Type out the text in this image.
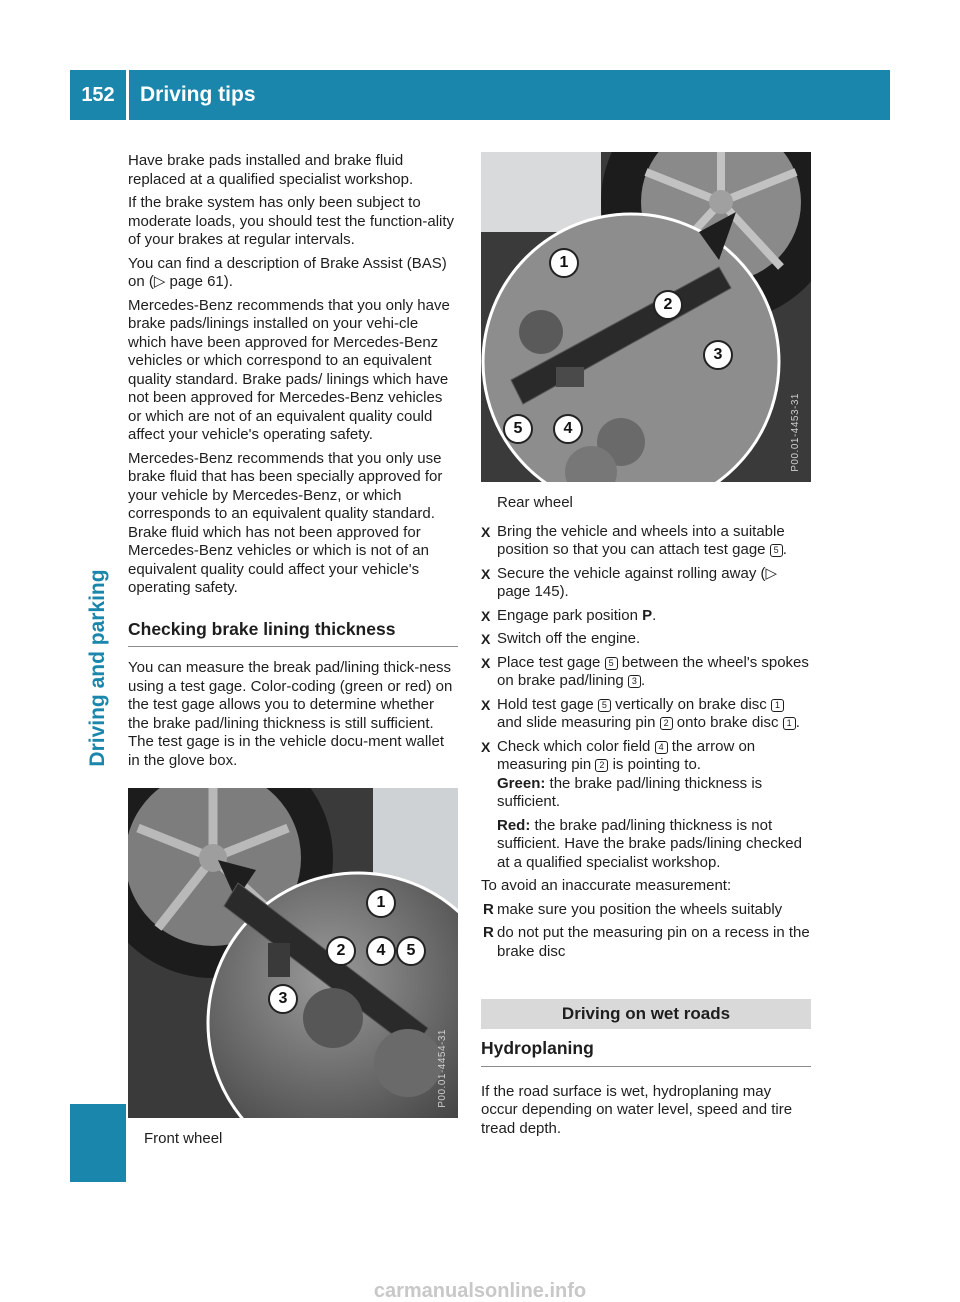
152	Driving tips
Driving and parking

Have brake pads installed and brake fluid replaced at a qualified specialist workshop.

If the brake system has only been subject to moderate loads, you should test the function-ality of your brakes at regular intervals.

You can find a description of Brake Assist (BAS) on (▷ page 61).

Mercedes-Benz recommends that you only have brake pads/linings installed on your vehi-cle which have been approved for Mercedes-Benz vehicles or which correspond to an equivalent quality standard. Brake pads/ linings which have not been approved for Mercedes-Benz vehicles or which are not of an equivalent quality could affect your vehicle's operating safety.

Mercedes-Benz recommends that you only use brake fluid that has been specially approved for your vehicle by Mercedes-Benz, or which corresponds to an equivalent quality standard. Brake fluid which has not been approved for Mercedes-Benz vehicles or which is not of an equivalent quality could affect your vehicle's operating safety.

Checking brake lining thickness

You can measure the break pad/lining thick-ness using a test gage. Color-coding (green or red) on the test gage allows you to determine whether the brake pad/lining thickness is still sufficient. The test gage is in the vehicle docu-ment wallet in the glove box.

1
2	4	5
3
P00.01-4454-31

Front wheel

1
2
3
5	4	P00.01-4453-31

Rear wheel

X Bring the vehicle and wheels into a suitable position so that you can attach test gage 5 .
X Secure the vehicle against rolling away (▷ page 145).
X Engage park position P.
X Switch off the engine.
X Place test gage 5 between the wheel's spokes on brake pad/lining 3 .
X Hold test gage 5 vertically on brake disc 1 and slide measuring pin 2 onto brake disc 1 .
X Check which color field 4 the arrow on measuring pin 2 is pointing to.
Green: the brake pad/lining thickness is sufficient.

Red: the brake pad/lining thickness is not sufficient. Have the brake pads/lining checked at a qualified specialist workshop.

To avoid an inaccurate measurement:

R make sure you position the wheels suitably
R do not put the measuring pin on a recess in the brake disc
Driving on wet roads
Hydroplaning

If the road surface is wet, hydroplaning may occur depending on water level, speed and tire tread depth.

carmanualsonline.info
